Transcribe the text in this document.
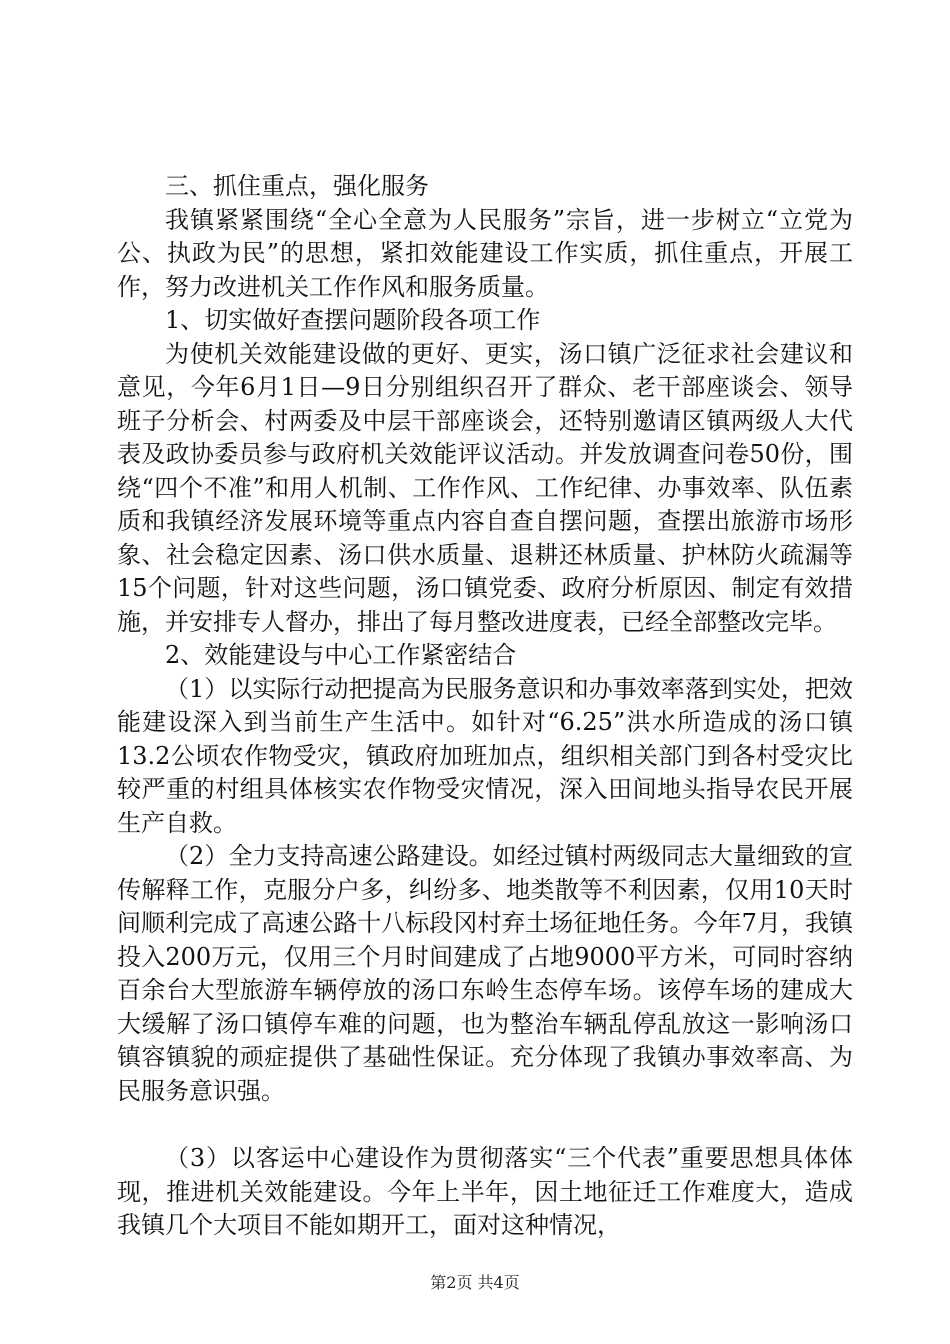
三、抓住重点，强化服务

我镇紧紧围绕“全心全意为人民服务”宗旨，进一步树立“立党为公、执政为民”的思想，紧扣效能建设工作实质，抓住重点，开展工作，努力改进机关工作作风和服务质量。

1、切实做好查摆问题阶段各项工作

为使机关效能建设做的更好、更实，汤口镇广泛征求社会建议和意见，今年6月1日—9日分别组织召开了群众、老干部座谈会、领导班子分析会、村两委及中层干部座谈会，还特别邀请区镇两级人大代表及政协委员参与政府机关效能评议活动。并发放调查问卷50份，围绕“四个不准”和用人机制、工作作风、工作纪律、办事效率、队伍素质和我镇经济发展环境等重点内容自查自摆问题，查摆出旅游市场形象、社会稳定因素、汤口供水质量、退耕还林质量、护林防火疏漏等15个问题，针对这些问题，汤口镇党委、政府分析原因、制定有效措施，并安排专人督办，排出了每月整改进度表，已经全部整改完毕。

2、效能建设与中心工作紧密结合

（1）以实际行动把提高为民服务意识和办事效率落到实处，把效能建设深入到当前生产生活中。如针对“6.25”洪水所造成的汤口镇13.2公顷农作物受灾，镇政府加班加点，组织相关部门到各村受灾比较严重的村组具体核实农作物受灾情况，深入田间地头指导农民开展生产自救。

（2）全力支持高速公路建设。如经过镇村两级同志大量细致的宣传解释工作，克服分户多，纠纷多、地类散等不利因素，仅用10天时间顺利完成了高速公路十八标段冈村弃土场征地任务。今年7月，我镇投入200万元，仅用三个月时间建成了占地9000平方米，可同时容纳百余台大型旅游车辆停放的汤口东岭生态停车场。该停车场的建成大大缓解了汤口镇停车难的问题，也为整治车辆乱停乱放这一影响汤口镇容镇貌的顽症提供了基础性保证。充分体现了我镇办事效率高、为民服务意识强。

（3）以客运中心建设作为贯彻落实“三个代表”重要思想具体体现，推进机关效能建设。今年上半年，因土地征迁工作难度大，造成我镇几个大项目不能如期开工，面对这种情况，

第2页 共4页
